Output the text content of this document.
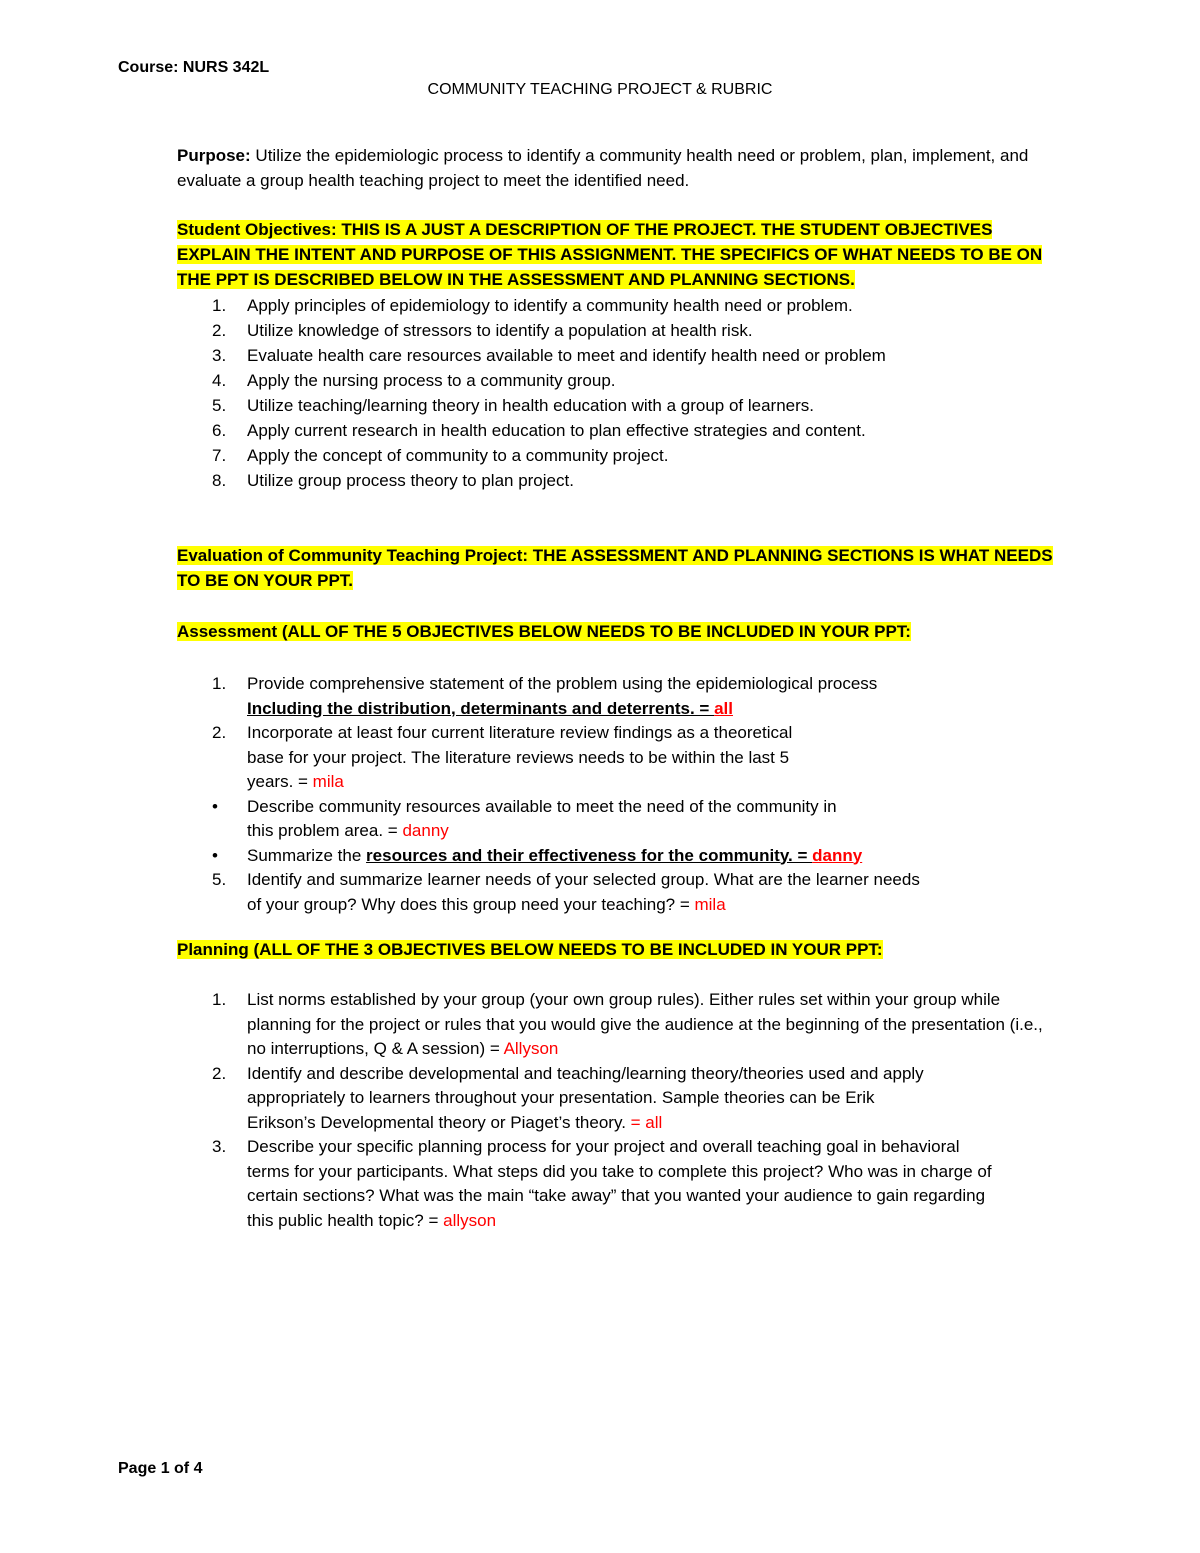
Course: NURS 342L
COMMUNITY TEACHING PROJECT & RUBRIC
Purpose: Utilize the epidemiologic process to identify a community health need or problem, plan, implement, and evaluate a group health teaching project to meet the identified need.
Student Objectives: THIS IS A JUST A DESCRIPTION OF THE PROJECT. THE STUDENT OBJECTIVES EXPLAIN THE INTENT AND PURPOSE OF THIS ASSIGNMENT. THE SPECIFICS OF WHAT NEEDS TO BE ON THE PPT IS DESCRIBED BELOW IN THE ASSESSMENT AND PLANNING SECTIONS.
1.	Apply principles of epidemiology to identify a community health need or problem.
2.	Utilize knowledge of stressors to identify a population at health risk.
3.	Evaluate health care resources available to meet and identify health need or problem
4.	Apply the nursing process to a community group.
5.	Utilize teaching/learning theory in health education with a group of learners.
6.	Apply current research in health education to plan effective strategies and content.
7.	Apply the concept of community to a community project.
8.	Utilize group process theory to plan project.
Evaluation of Community Teaching Project: THE ASSESSMENT AND PLANNING SECTIONS IS WHAT NEEDS TO BE ON YOUR PPT.
Assessment (ALL OF THE 5 OBJECTIVES BELOW NEEDS TO BE INCLUDED IN YOUR PPT:
1.	Provide comprehensive statement of the problem using the epidemiological process
Including the distribution, determinants and deterrents. = all
2.	Incorporate at least four current literature review findings as a theoretical base for your project. The literature reviews needs to be within the last 5 years. = mila
•	Describe community resources available to meet the need of the community in this problem area. = danny
•	Summarize the resources and their effectiveness for the community. = danny
5.	Identify and summarize learner needs of your selected group. What are the learner needs of your group? Why does this group need your teaching? = mila
Planning (ALL OF THE 3 OBJECTIVES BELOW NEEDS TO BE INCLUDED IN YOUR PPT:
1.	List norms established by your group (your own group rules). Either rules set within your group while planning for the project or rules that you would give the audience at the beginning of the presentation (i.e., no interruptions, Q & A session) = Allyson
2.	Identify and describe developmental and teaching/learning theory/theories used and apply appropriately to learners throughout your presentation. Sample theories can be Erik Erikson’s Developmental theory or Piaget’s theory. = all
3.	Describe your specific planning process for your project and overall teaching goal in behavioral terms for your participants. What steps did you take to complete this project? Who was in charge of certain sections? What was the main “take away” that you wanted your audience to gain regarding this public health topic? = allyson
Page 1 of 4
